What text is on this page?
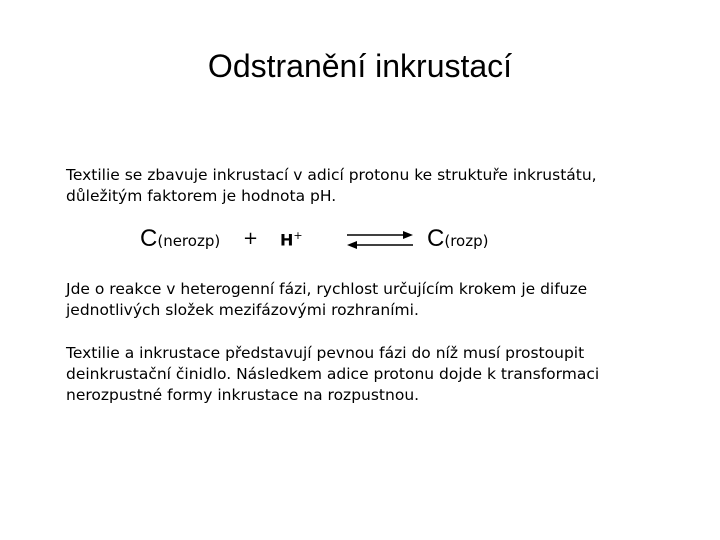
Odstranění inkrustací

Textilie se zbavuje inkrustací v adicí protonu ke struktuře inkrustátu, důležitým faktorem je hodnota pH.

C(nerozp) + H+	C(rozp)

Jde o reakce v heterogenní fázi, rychlost určujícím krokem je difuze jednotlivých složek mezifázovými rozhraními.

Textilie a inkrustace představují pevnou fázi do níž musí prostoupit deinkrustační činidlo. Následkem adice protonu dojde k transformaci nerozpustné formy inkrustace na rozpustnou.
